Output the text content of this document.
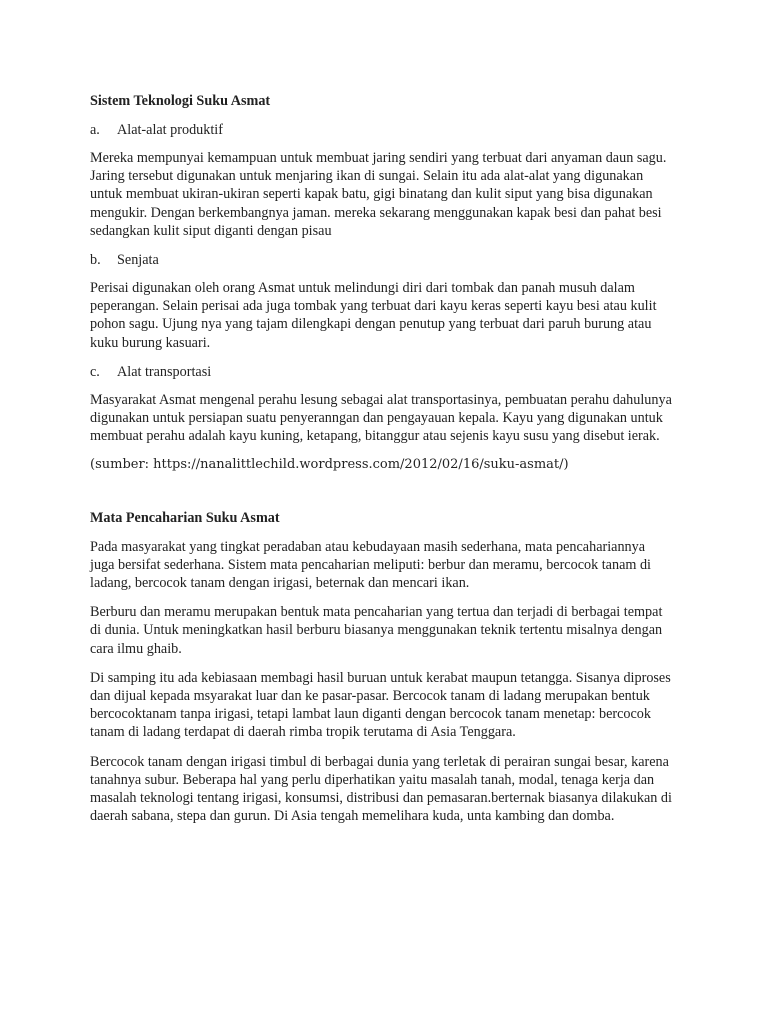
Sistem Teknologi Suku Asmat
a.	Alat-alat produktif

Mereka mempunyai kemampuan untuk membuat jaring sendiri yang terbuat dari anyaman daun sagu. Jaring tersebut digunakan untuk menjaring ikan di sungai. Selain itu ada alat-alat yang digunakan untuk membuat ukiran-ukiran seperti kapak batu, gigi binatang dan kulit siput yang bisa digunakan mengukir. Dengan berkembangnya jaman. mereka sekarang menggunakan kapak besi dan pahat besi sedangkan kulit siput diganti dengan pisau

b.	Senjata

Perisai digunakan oleh orang Asmat untuk melindungi diri dari tombak dan panah musuh dalam peperangan. Selain perisai ada juga tombak yang terbuat dari kayu keras seperti kayu besi atau kulit pohon sagu. Ujung nya yang tajam dilengkapi dengan penutup yang terbuat dari paruh burung atau kuku burung kasuari.

c.	Alat transportasi

Masyarakat Asmat mengenal perahu lesung sebagai alat transportasinya, pembuatan perahu dahulunya digunakan untuk persiapan suatu penyeranngan dan pengayauan kepala. Kayu yang digunakan untuk membuat perahu adalah kayu kuning, ketapang, bitanggur atau sejenis kayu susu yang disebut ierak.

(sumber: https://nanalittlechild.wordpress.com/2012/02/16/suku-asmat/)

Mata Pencaharian Suku Asmat

Pada masyarakat yang tingkat peradaban atau kebudayaan masih sederhana, mata pencahariannya juga bersifat sederhana. Sistem mata pencaharian meliputi: berbur dan meramu, bercocok tanam di ladang, bercocok tanam dengan irigasi, beternak dan mencari ikan.

Berburu dan meramu merupakan bentuk mata pencaharian yang tertua dan terjadi di berbagai tempat di dunia. Untuk meningkatkan hasil berburu biasanya menggunakan teknik tertentu misalnya dengan cara ilmu ghaib.

Di samping itu ada kebiasaan membagi hasil buruan untuk kerabat maupun tetangga. Sisanya diproses dan dijual kepada msyarakat luar dan ke pasar-pasar. Bercocok tanam di ladang merupakan bentuk bercocoktanam tanpa irigasi, tetapi lambat laun diganti dengan bercocok tanam menetap: bercocok tanam di ladang terdapat di daerah rimba tropik terutama di Asia Tenggara.

Bercocok tanam dengan irigasi timbul di berbagai dunia yang terletak di perairan sungai besar, karena tanahnya subur. Beberapa hal yang perlu diperhatikan yaitu masalah tanah, modal, tenaga kerja dan masalah teknologi tentang irigasi, konsumsi, distribusi dan pemasaran.berternak biasanya dilakukan di daerah sabana, stepa dan gurun. Di Asia tengah memelihara kuda, unta kambing dan domba.
